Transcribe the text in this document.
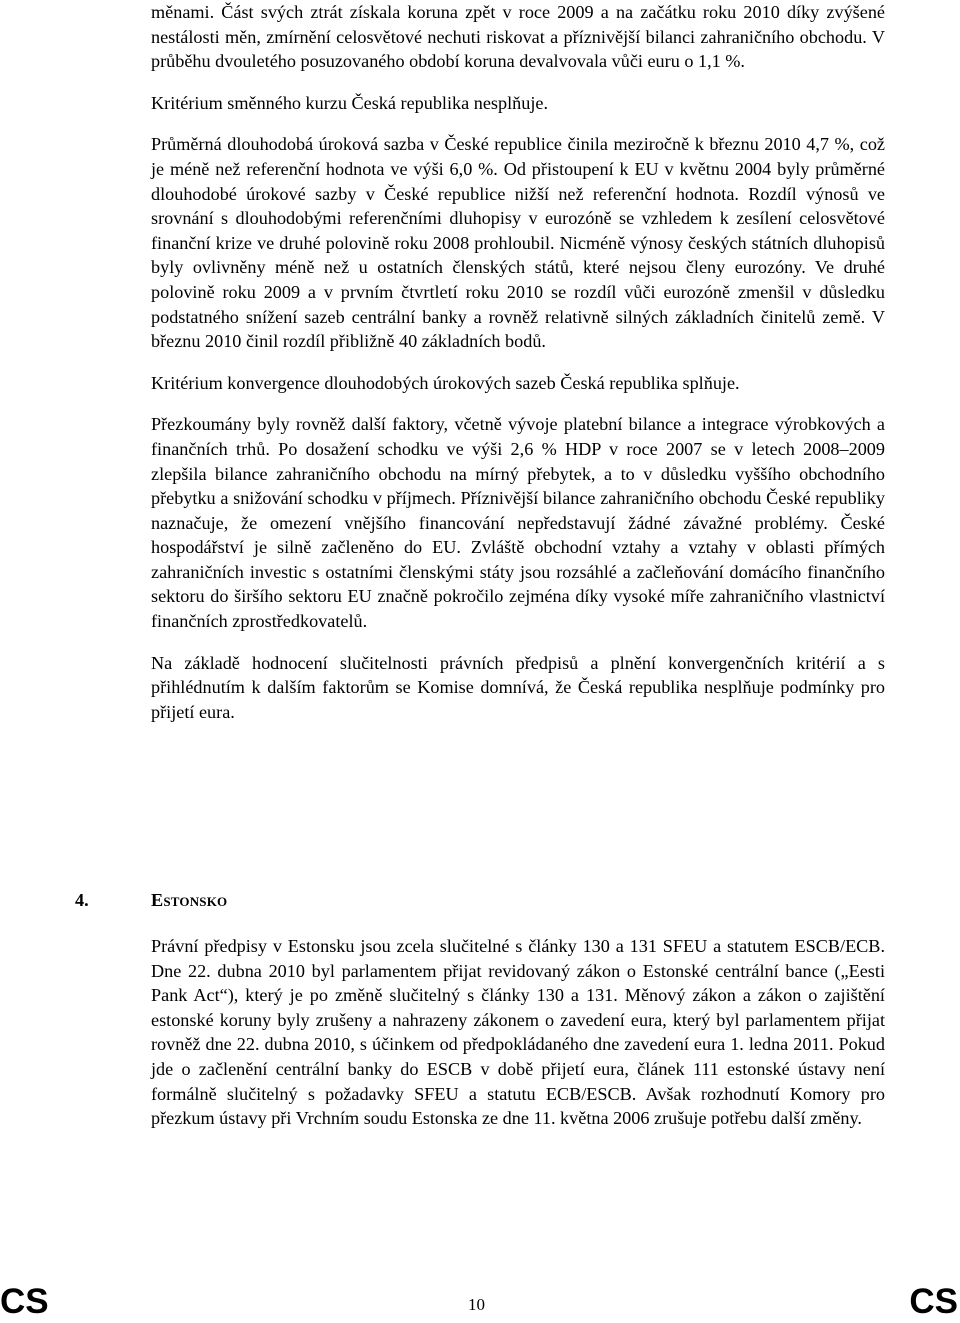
měnami. Část svých ztrát získala koruna zpět v roce 2009 a na začátku roku 2010 díky zvýšené nestálosti měn, zmírnění celosvětové nechuti riskovat a příznivější bilanci zahraničního obchodu. V průběhu dvouletého posuzovaného období koruna devalvovala vůči euru o 1,1 %.

Kritérium směnného kurzu Česká republika nesplňuje.

Průměrná dlouhodobá úroková sazba v České republice činila meziročně k březnu 2010 4,7 %, což je méně než referenční hodnota ve výši 6,0 %. Od přistoupení k EU v květnu 2004 byly průměrné dlouhodobé úrokové sazby v České republice nižší než referenční hodnota. Rozdíl výnosů ve srovnání s dlouhodobými referenčními dluhopisy v eurozóně se vzhledem k zesílení celosvětové finanční krize ve druhé polovině roku 2008 prohloubil. Nicméně výnosy českých státních dluhopisů byly ovlivněny méně než u ostatních členských států, které nejsou členy eurozóny. Ve druhé polovině roku 2009 a v prvním čtvrtletí roku 2010 se rozdíl vůči eurozóně zmenšil v důsledku podstatného snížení sazeb centrální banky a rovněž relativně silných základních činitelů země. V březnu 2010 činil rozdíl přibližně 40 základních bodů.

Kritérium konvergence dlouhodobých úrokových sazeb Česká republika splňuje.

Přezkoumány byly rovněž další faktory, včetně vývoje platební bilance a integrace výrobkových a finančních trhů. Po dosažení schodku ve výši 2,6 % HDP v roce 2007 se v letech 2008–2009 zlepšila bilance zahraničního obchodu na mírný přebytek, a to v důsledku vyššího obchodního přebytku a snižování schodku v příjmech. Příznivější bilance zahraničního obchodu České republiky naznačuje, že omezení vnějšího financování nepředstavují žádné závažné problémy. České hospodářství je silně začleněno do EU. Zvláště obchodní vztahy a vztahy v oblasti přímých zahraničních investic s ostatními členskými státy jsou rozsáhlé a začleňování domácího finančního sektoru do širšího sektoru EU značně pokročilo zejména díky vysoké míře zahraničního vlastnictví finančních zprostředkovatelů.

Na základě hodnocení slučitelnosti právních předpisů a plnění konvergenčních kritérií a s přihlédnutím k dalším faktorům se Komise domnívá, že Česká republika nesplňuje podmínky pro přijetí eura.

4.	Estonsko

Právní předpisy v Estonsku jsou zcela slučitelné s články 130 a 131 SFEU a statutem ESCB/ECB. Dne 22. dubna 2010 byl parlamentem přijat revidovaný zákon o Estonské centrální bance („Eesti Pank Act“), který je po změně slučitelný s články 130 a 131. Měnový zákon a zákon o zajištění estonské koruny byly zrušeny a nahrazeny zákonem o zavedení eura, který byl parlamentem přijat rovněž dne 22. dubna 2010, s účinkem od předpokládaného dne zavedení eura 1. ledna 2011. Pokud jde o začlenění centrální banky do ESCB v době přijetí eura, článek 111 estonské ústavy není formálně slučitelný s požadavky SFEU a statutu ECB/ESCB. Avšak rozhodnutí Komory pro přezkum ústavy při Vrchním soudu Estonska ze dne 11. května 2006 zrušuje potřebu další změny.

CS	10	CS
